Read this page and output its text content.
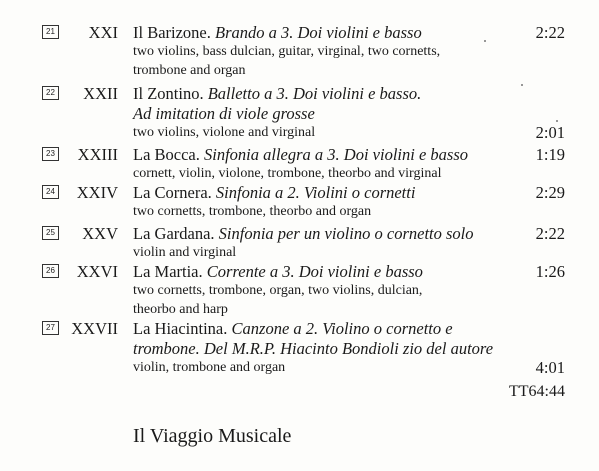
21 XXI Il Barizone. Brando a 3. Doi violini e basso
two violins, bass dulcian, guitar, virginal, two cornetts,
trombone and organ
2:22
22 XXII Il Zontino. Balletto a 3. Doi violini e basso.
Ad imitation di viole grosse
two violins, violone and virginal	2:01
23 XXIII La Bocca. Sinfonia allegra a 3. Doi violini e basso
cornett, violin, violone, trombone, theorbo and virginal
1:19
24 XXIV La Cornera. Sinfonia a 2. Violini o cornetti
two cornetts, trombone, theorbo and organ
2:29
25 XXV La Gardana. Sinfonia per un violino o cornetto solo
violin and virginal
2:22
26 XXVI La Martia. Corrente a 3. Doi violini e basso
two cornetts, trombone, organ, two violins, dulcian,
theorbo and harp
1:26
27 XXVII La Hiacintina. Canzone a 2. Violino o cornetto e
trombone. Del M.R.P. Hiacinto Bondioli zio del autore
violin, trombone and organ	4:01
TT64:44
Il Viaggio Musicale
